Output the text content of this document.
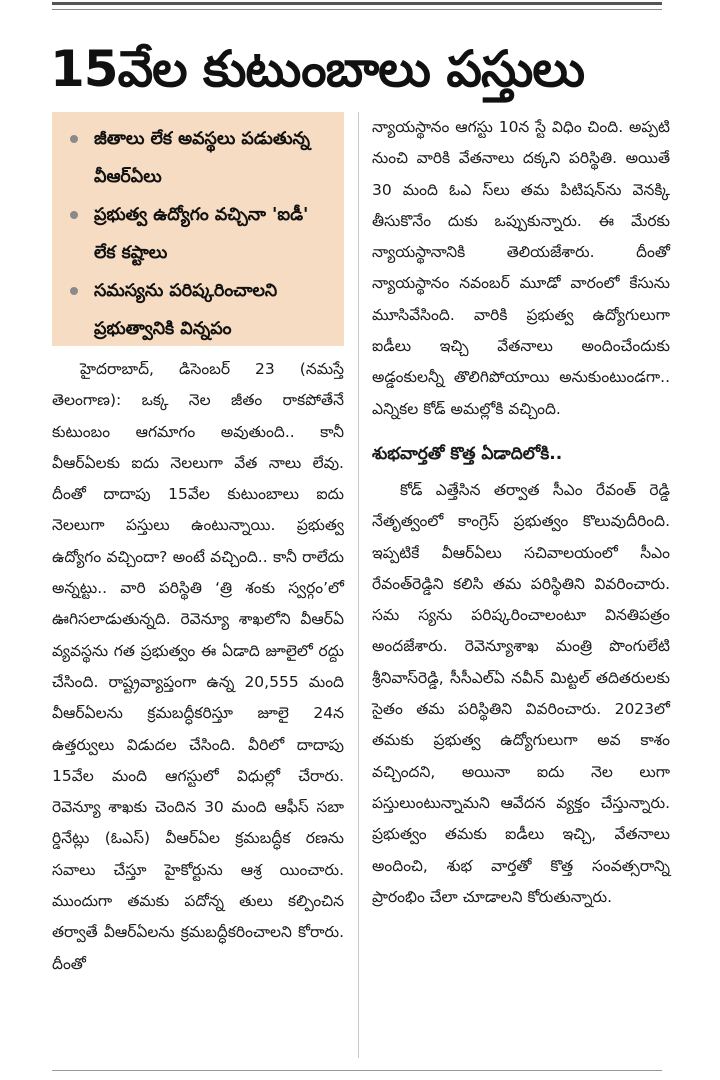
15వేల కుటుంబాలు పస్తులు
జీతాలు లేక అవస్థలు పడుతున్న వీఆర్‌ఏలు
ప్రభుత్వ ఉద్యోగం వచ్చినా 'ఐడీ' లేక కష్టాలు
సమస్యను పరిష్కరించాలని ప్రభుత్వానికి విన్నపం

హైదరాబాద్‌, డిసెంబర్‌ 23 (నమస్తే తెలంగాణ): ఒక్క నెల జీతం రాకపోతేనే కుటుంబం ఆగమాగం అవుతుంది.. కానీ వీఆర్‌ఏలకు ఐదు నెలలుగా వేత నాలు లేవు. దీంతో దాదాపు 15వేల కుటుంబాలు ఐదు నెలలుగా పస్తులు ఉంటున్నాయి. ప్రభుత్వ ఉద్యోగం వచ్చిందా? అంటే వచ్చింది.. కానీ రాలేదు అన్నట్టు.. వారి పరిస్థితి ‘త్రి శంకు స్వర్గం’లో ఊగిసలాడుతున్నది. రెవెన్యూ శాఖలోని వీఆర్‌ఏ వ్యవస్థను గత ప్రభుత్వం ఈ ఏడాది జూలైలో రద్దు చేసింది. రాష్ట్రవ్యాప్తంగా ఉన్న 20,555 మంది వీఆర్‌ఏలను క్రమబద్ధీకరిస్తూ జూలై 24న ఉత్తర్వులు విడుదల చేసింది. వీరిలో దాదాపు 15వేల మంది ఆగస్టులో విధుల్లో చేరారు. రెవెన్యూ శాఖకు చెందిన 30 మంది ఆఫీస్‌ సబా ర్డినేట్లు (ఓఎస్‌) వీఆర్‌ఏల క్రమబద్ధీక రణను సవాలు చేస్తూ హైకోర్టును ఆశ్ర యించారు. ముందుగా తమకు పదోన్న తులు కల్పించిన తర్వాతే వీఆర్‌ఏలను క్రమబద్ధీకరించాలని కోరారు. దీంతో

న్యాయస్థానం ఆగస్టు 10న స్టే విధిం చింది. అప్పటి నుంచి వారికి వేతనాలు దక్కని పరిస్థితి. అయితే 30 మంది ఓఎ స్‌లు తమ పిటిషన్‌ను వెనక్కి తీసుకొనేం దుకు ఒప్పుకున్నారు. ఈ మేరకు న్యాయస్థానానికి తెలియజేశారు. దీంతో న్యాయస్థానం నవంబర్‌ మూడో వారంలో కేసును మూసివేసింది. వారికి ప్రభుత్వ ఉద్యోగులుగా ఐడీలు ఇచ్చి వేతనాలు అందించేందుకు అడ్డంకులన్నీ తొలిగిపోయాయి అనుకుంటుండగా.. ఎన్నికల కోడ్‌ అమల్లోకి వచ్చింది.

శుభవార్తతో కొత్త ఏడాదిలోకి..

కోడ్‌ ఎత్తేసిన తర్వాత సీఎం రేవంత్‌ రెడ్డి నేతృత్వంలో కాంగ్రెస్‌ ప్రభుత్వం కొలువుదీరింది. ఇప్పటికే వీఆర్‌ఏలు సచివాలయంలో సీఎం రేవంత్‌రెడ్డిని కలిసి తమ పరిస్థితిని వివరించారు. సమ స్యను పరిష్కరించాలంటూ వినతిపత్రం అందజేశారు. రెవెన్యూశాఖ మంత్రి పొంగులేటి శ్రీనివాస్‌రెడ్డి, సీసీఎల్‌ఏ నవీన్‌ మిట్టల్‌ తదితరులకు సైతం తమ పరిస్థితిని వివరించారు. 2023లో తమకు ప్రభుత్వ ఉద్యోగులుగా అవ కాశం వచ్చిందని, అయినా ఐదు నెల లుగా పస్తులుంటున్నామని ఆవేదన వ్యక్తం చేస్తున్నారు. ప్రభుత్వం తమకు ఐడీలు ఇచ్చి, వేతనాలు అందించి, శుభ వార్తతో కొత్త సంవత్సరాన్ని ప్రారంభిం చేలా చూడాలని కోరుతున్నారు.
